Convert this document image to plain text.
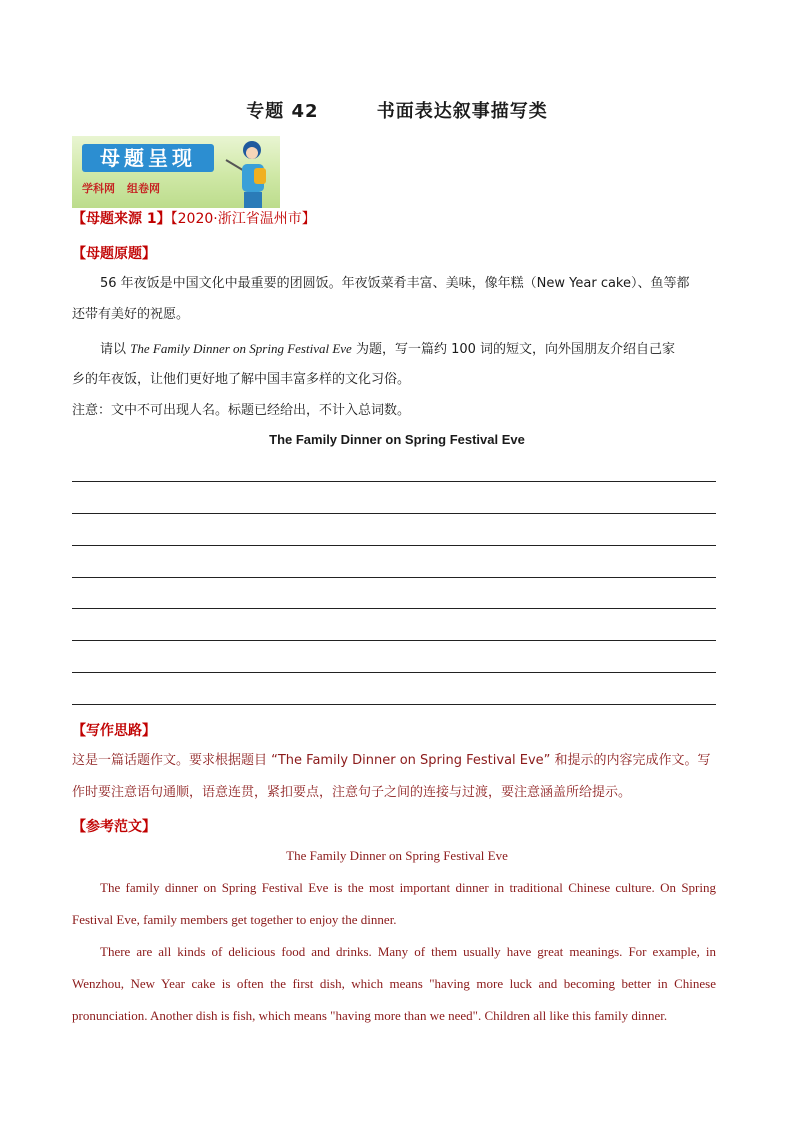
专题 42        书面表达叙事描写类
母题呈现
学科网 组卷网
【母题来源 1】【2020·浙江省温州市】
【母题原题】
56 年夜饭是中国文化中最重要的团圆饭。年夜饭菜肴丰富、美味，像年糕（New Year cake）、鱼等都
还带有美好的祝愿。
请以 The Family Dinner on Spring Festival Eve 为题，写一篇约 100 词的短文，向外国朋友介绍自己家
乡的年夜饭，让他们更好地了解中国丰富多样的文化习俗。
注意：文中不可出现人名。标题已经给出，不计入总词数。
The Family Dinner on Spring Festival Eve
【写作思路】
这是一篇话题作文。要求根据题目 “The Family Dinner on Spring Festival Eve” 和提示的内容完成作文。写
作时要注意语句通顺，语意连贯，紧扣要点，注意句子之间的连接与过渡，要注意涵盖所给提示。
【参考范文】
The Family Dinner on Spring Festival Eve

The family dinner on Spring Festival Eve is the most important dinner in traditional Chinese culture. On Spring Festival Eve, family members get together to enjoy the dinner.

There are all kinds of delicious food and drinks. Many of them usually have great meanings. For example, in Wenzhou, New Year cake is often the first dish, which means "having more luck and becoming better in Chinese pronunciation. Another dish is fish, which means "having more than we need". Children all like this family dinner.
